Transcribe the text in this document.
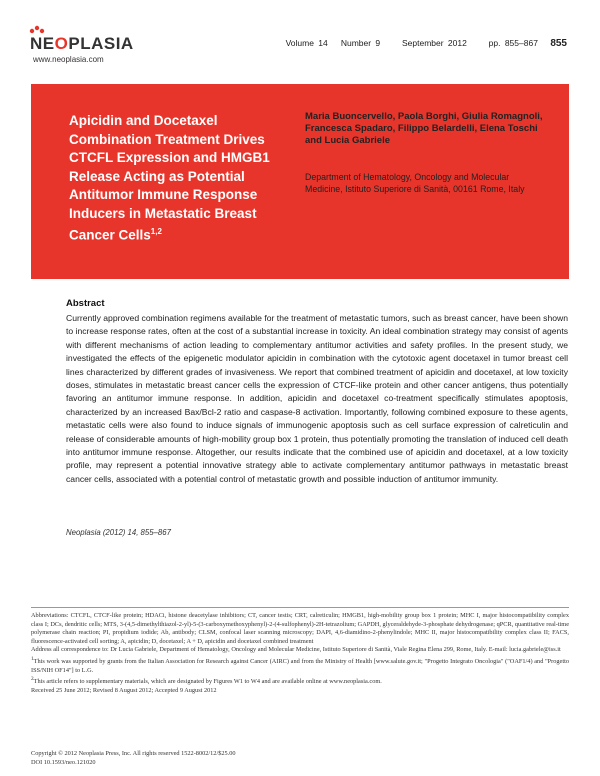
NEOPLASIA
www.neoplasia.com
Volume 14 Number 9	September 2012	pp. 855–867 855
Apicidin and Docetaxel Combination Treatment Drives CTCFL Expression and HMGB1 Release Acting as Potential Antitumor Immune Response Inducers in Metastatic Breast Cancer Cells$^{1,2}$
Maria Buoncervello, Paola Borghi, Giulia Romagnoli, Francesca Spadaro, Filippo Belardelli, Elena Toschi and Lucia Gabriele
Department of Hematology, Oncology and Molecular Medicine, Istituto Superiore di Sanità, 00161 Rome, Italy
Abstract

Currently approved combination regimens available for the treatment of metastatic tumors, such as breast cancer, have been shown to increase response rates, often at the cost of a substantial increase in toxicity. An ideal combination strategy may consist of agents with different mechanisms of action leading to complementary antitumor activities and safety profiles. In the present study, we investigated the effects of the epigenetic modulator apicidin in combination with the cytotoxic agent docetaxel in tumor breast cell lines characterized by different grades of invasiveness. We report that combined treatment of apicidin and docetaxel, at low toxicity doses, stimulates in metastatic breast cancer cells the expression of CTCF-like protein and other cancer antigens, thus potentially favoring an antitumor immune response. In addition, apicidin and docetaxel co-treatment specifically stimulates apoptosis, characterized by an increased Bax/Bcl-2 ratio and caspase-8 activation. Importantly, following combined exposure to these agents, metastatic cells were also found to induce signals of immunogenic apoptosis such as cell surface expression of calreticulin and release of considerable amounts of high-mobility group box 1 protein, thus potentially promoting the translation of induced cell death into antitumor immune response. Altogether, our results indicate that the combined use of apicidin and docetaxel, at a low toxicity profile, may represent a potential innovative strategy able to activate complementary antitumor pathways in metastatic breast cancer cells, associated with a potential control of metastatic growth and possible induction of antitumor immunity.

Neoplasia (2012) 14, 855–867
Abbreviations: CTCFL, CTCF-like protein; HDACi, histone deacetylase inhibitors; CT, cancer testis; CRT, calreticulin; HMGB1, high-mobility group box 1 protein; MHC I, major histocompatibility complex class I; DCs, dendritic cells; MTS, 3-(4,5-dimethylthiazol-2-yl)-5-(3-carboxymethoxyphenyl)-2-(4-sulfophenyl)-2H-tetrazolium; GAPDH, glyceraldehyde-3-phosphate dehydrogenase; qPCR, quantitative real-time polymerase chain reaction; PI, propidium iodide; Ab, antibody; CLSM, confocal laser scanning microscopy; DAPI, 4,6-diamidino-2-phenylindole; MHC II, major histocompatibility complex class II; FACS, fluorescence-activated cell sorting; A, apicidin; D, docetaxel; A + D, apicidin and docetaxel combined treatment
Address all correspondence to: Dr Lucia Gabriele, Department of Hematology, Oncology and Molecular Medicine, Istituto Superiore di Sanità, Viale Regina Elena 299, Rome, Italy. E-mail: lucia.gabriele@iss.it
$^1$This work was supported by grants from the Italian Association for Research against Cancer (AIRC) and from the Ministry of Health [www.salute.gov.it; "Progetto Integrato Oncologia" ("OAF1/4) and "Progetto ISS/NIH OF14"] to L.G.
$^2$This article refers to supplementary materials, which are designated by Figures W1 to W4 and are available online at www.neoplasia.com.
Received 25 June 2012; Revised 8 August 2012; Accepted 9 August 2012
Copyright © 2012 Neoplasia Press, Inc. All rights reserved 1522-8002/12/$25.00
DOI 10.1593/neo.121020
